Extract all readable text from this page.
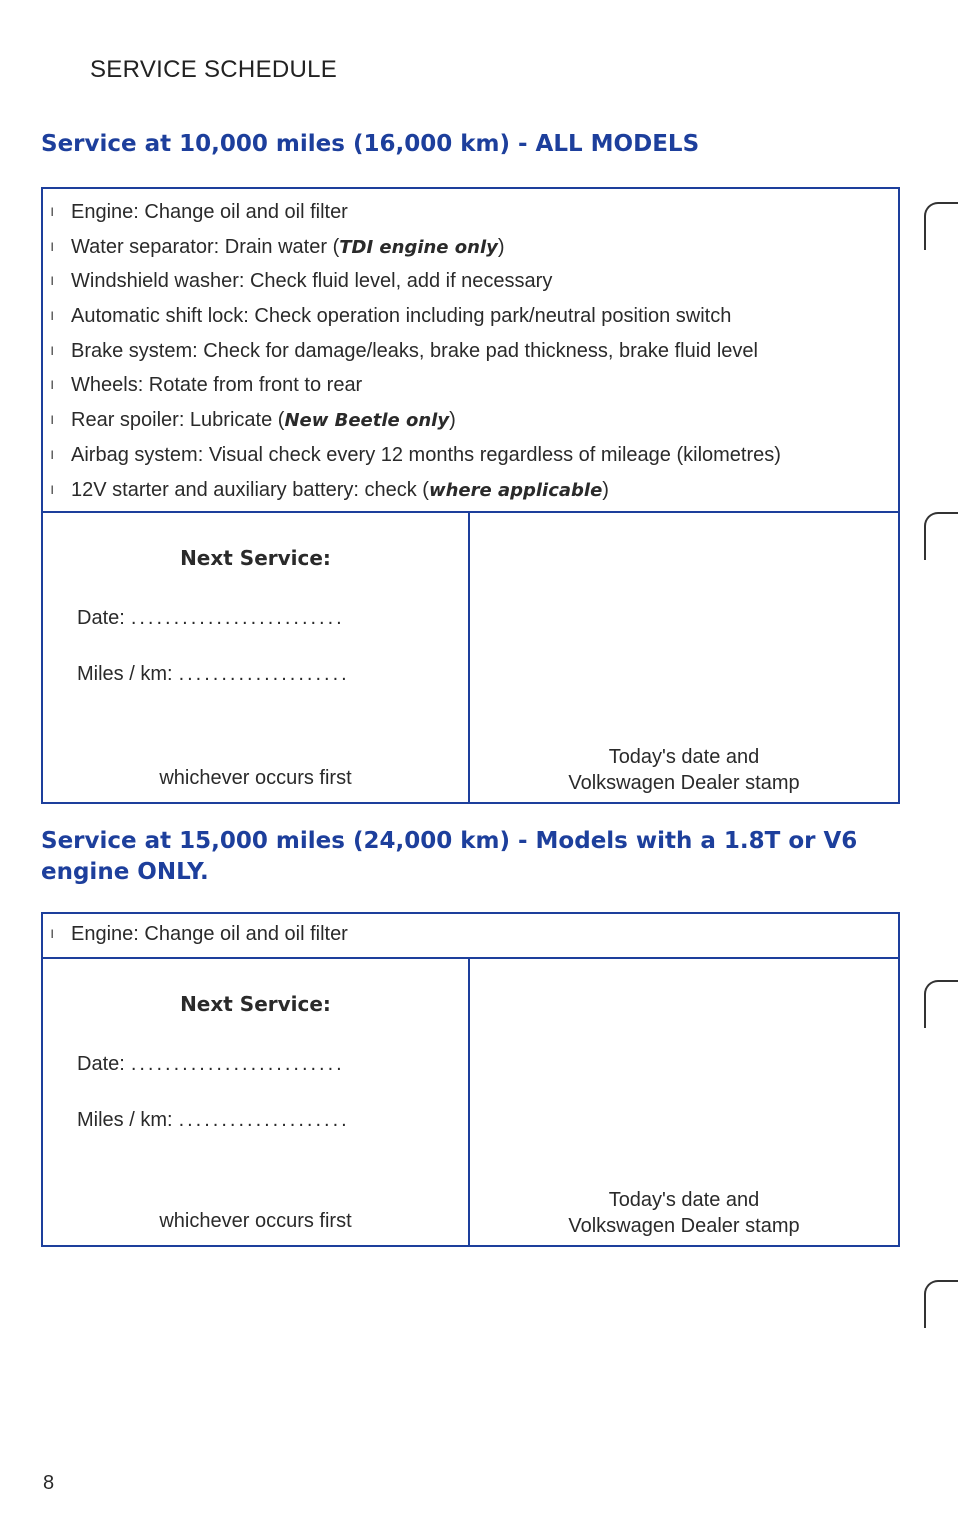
SERVICE SCHEDULE
Service at 10,000 miles (16,000 km) - ALL MODELS
ı Engine: Change oil and oil filter
ı Water separator: Drain water (TDI engine only)
ı Windshield washer: Check fluid level, add if necessary
ı Automatic shift lock: Check operation including park/neutral position switch
ı Brake system: Check for damage/leaks, brake pad thickness, brake fluid level
ı Wheels: Rotate from front to rear
ı Rear spoiler: Lubricate (New Beetle only)
ı Airbag system: Visual check every 12 months regardless of mileage (kilometres)
ı 12V starter and auxiliary battery: check (where applicable)
Next Service:
Date: .........................
Miles / km: ....................
whichever occurs first
Today's date and
Volkswagen Dealer stamp
Service at 15,000 miles (24,000 km) - Models with a 1.8T or V6 engine ONLY.
ı Engine: Change oil and oil filter
Next Service:
Date: .........................
Miles / km: ....................
whichever occurs first
Today's date and
Volkswagen Dealer stamp
8
